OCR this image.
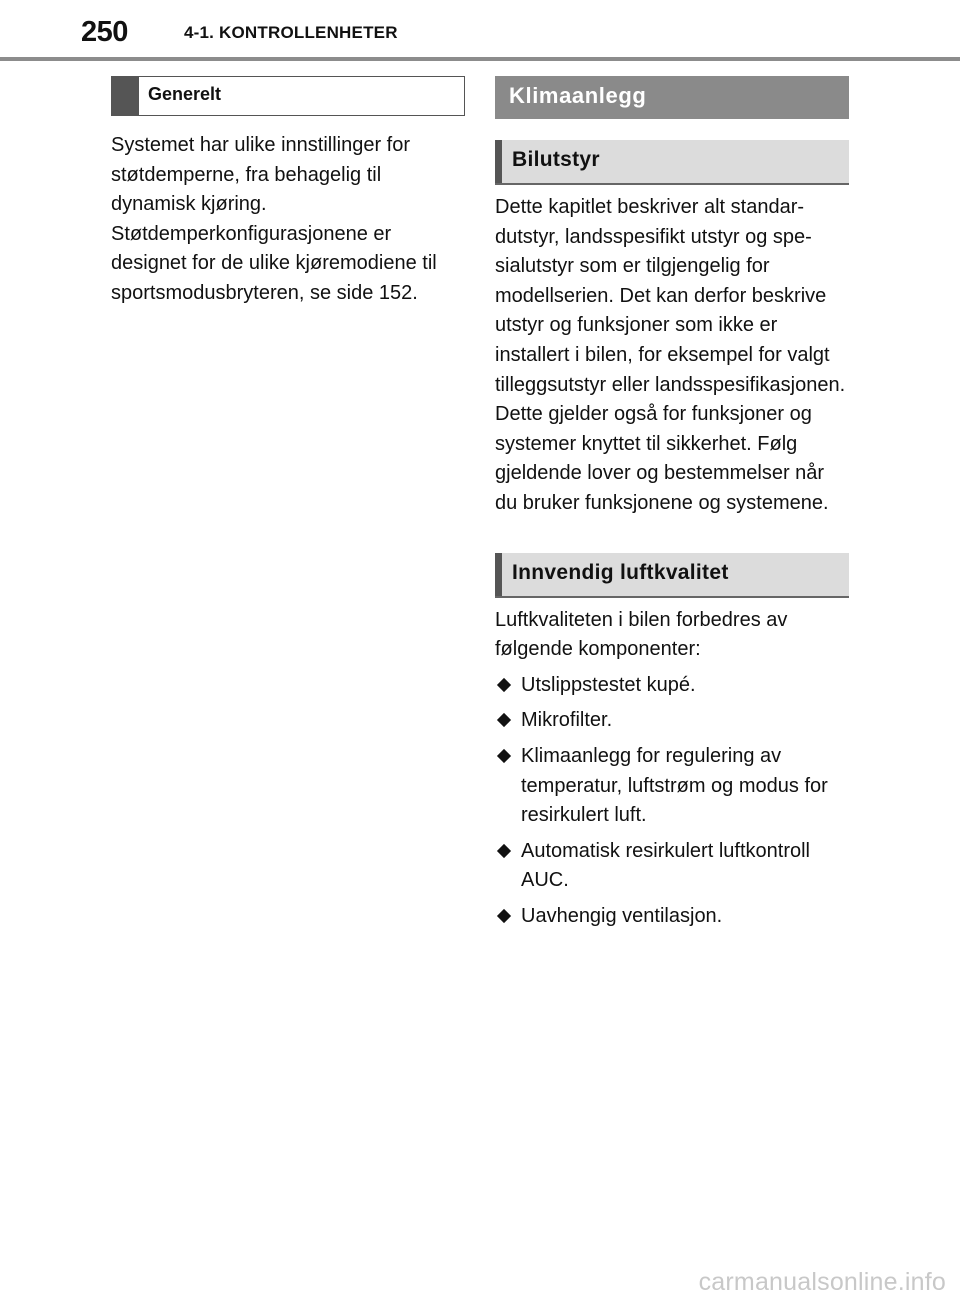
250	4-1. KONTROLLENHETER
Generelt

Systemet har ulike innstillinger for støtdemperne, fra behagelig til dynamisk kjøring.

Støtdemperkonfigurasjonene er designet for de ulike kjøremodiene til sportsmodusbryteren, se side 152.

Klimaanlegg
Bilutstyr

Dette kapitlet beskriver alt standardutstyr, landsspesifikt utstyr og spesialutstyr som er tilgjengelig for modellserien. Det kan derfor beskrive utstyr og funksjoner som ikke er installert i bilen, for eksempel for valgt tilleggsutstyr eller landsspesifikasjonen. Dette gjelder også for funksjoner og systemer knyttet til sikkerhet. Følg gjeldende lover og bestemmelser når du bruker funksjonene og systemene.

Innvendig luftkvalitet

Luftkvaliteten i bilen forbedres av følgende komponenter:

Utslippstestet kupé.
Mikrofilter.
Klimaanlegg for regulering av temperatur, luftstrøm og modus for resirkulert luft.
Automatisk resirkulert luftkontroll AUC.
Uavhengig ventilasjon.
carmanualsonline.info
